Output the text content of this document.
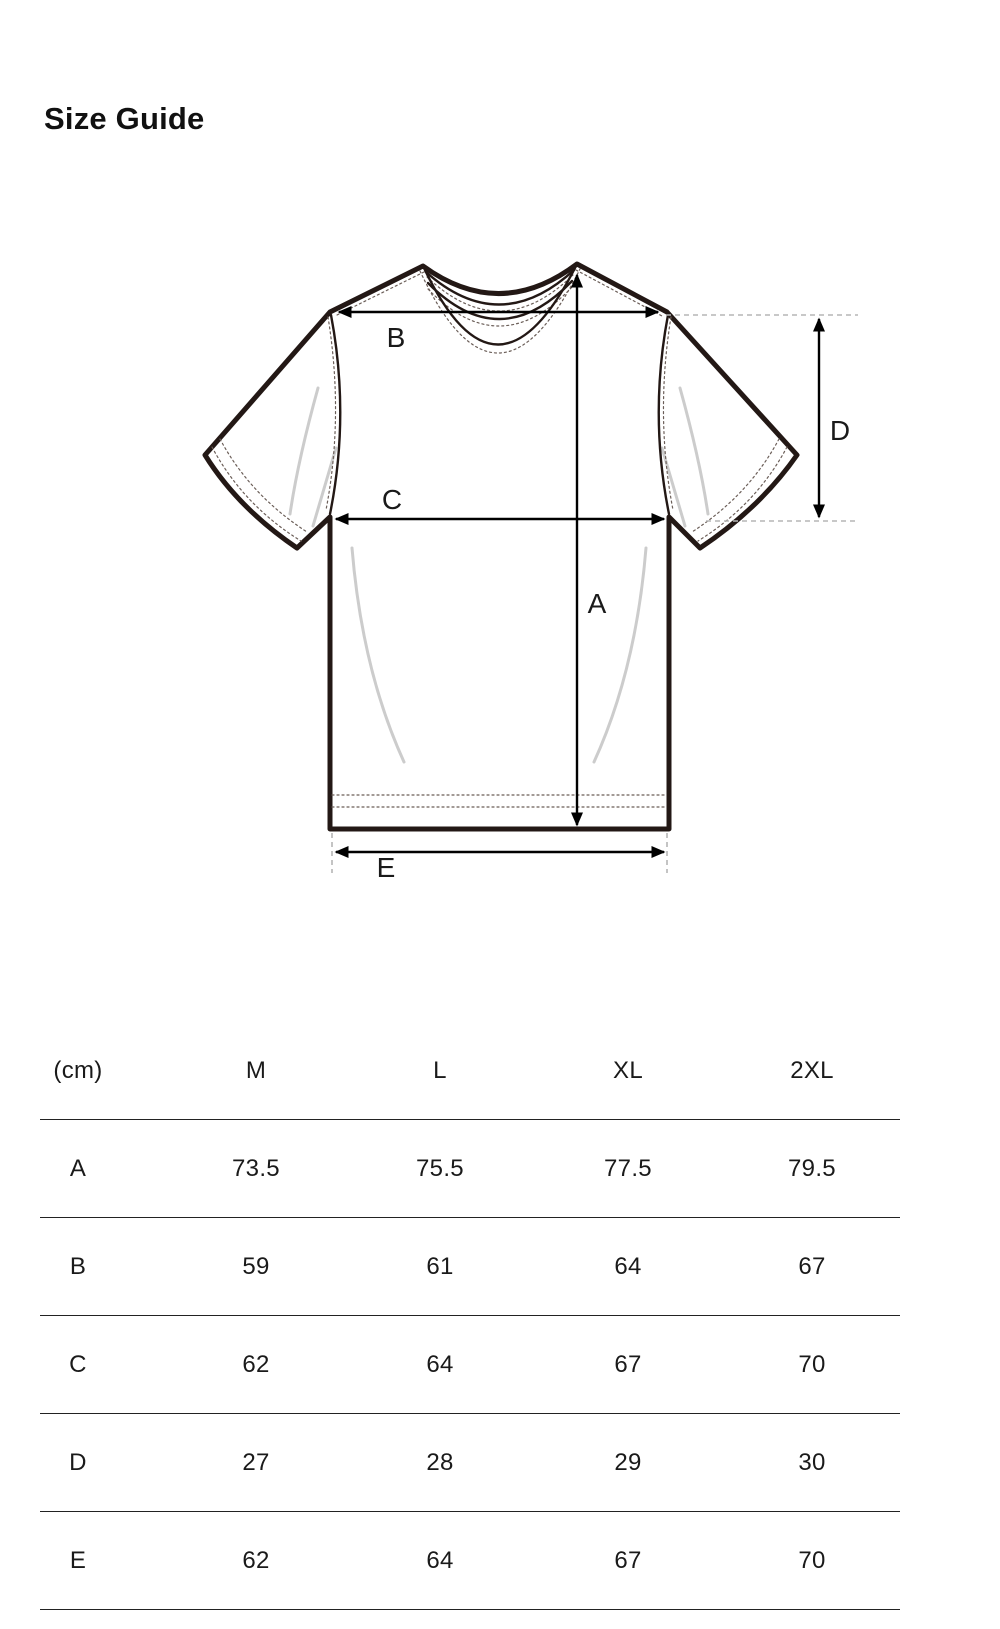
Size Guide
B
C
A
D
E
(cm)	M	L	XL	2XL
A	73.5	75.5	77.5	79.5
B	59	61	64	67
C	62	64	67	70
D	27	28	29	30
E	62	64	67	70
